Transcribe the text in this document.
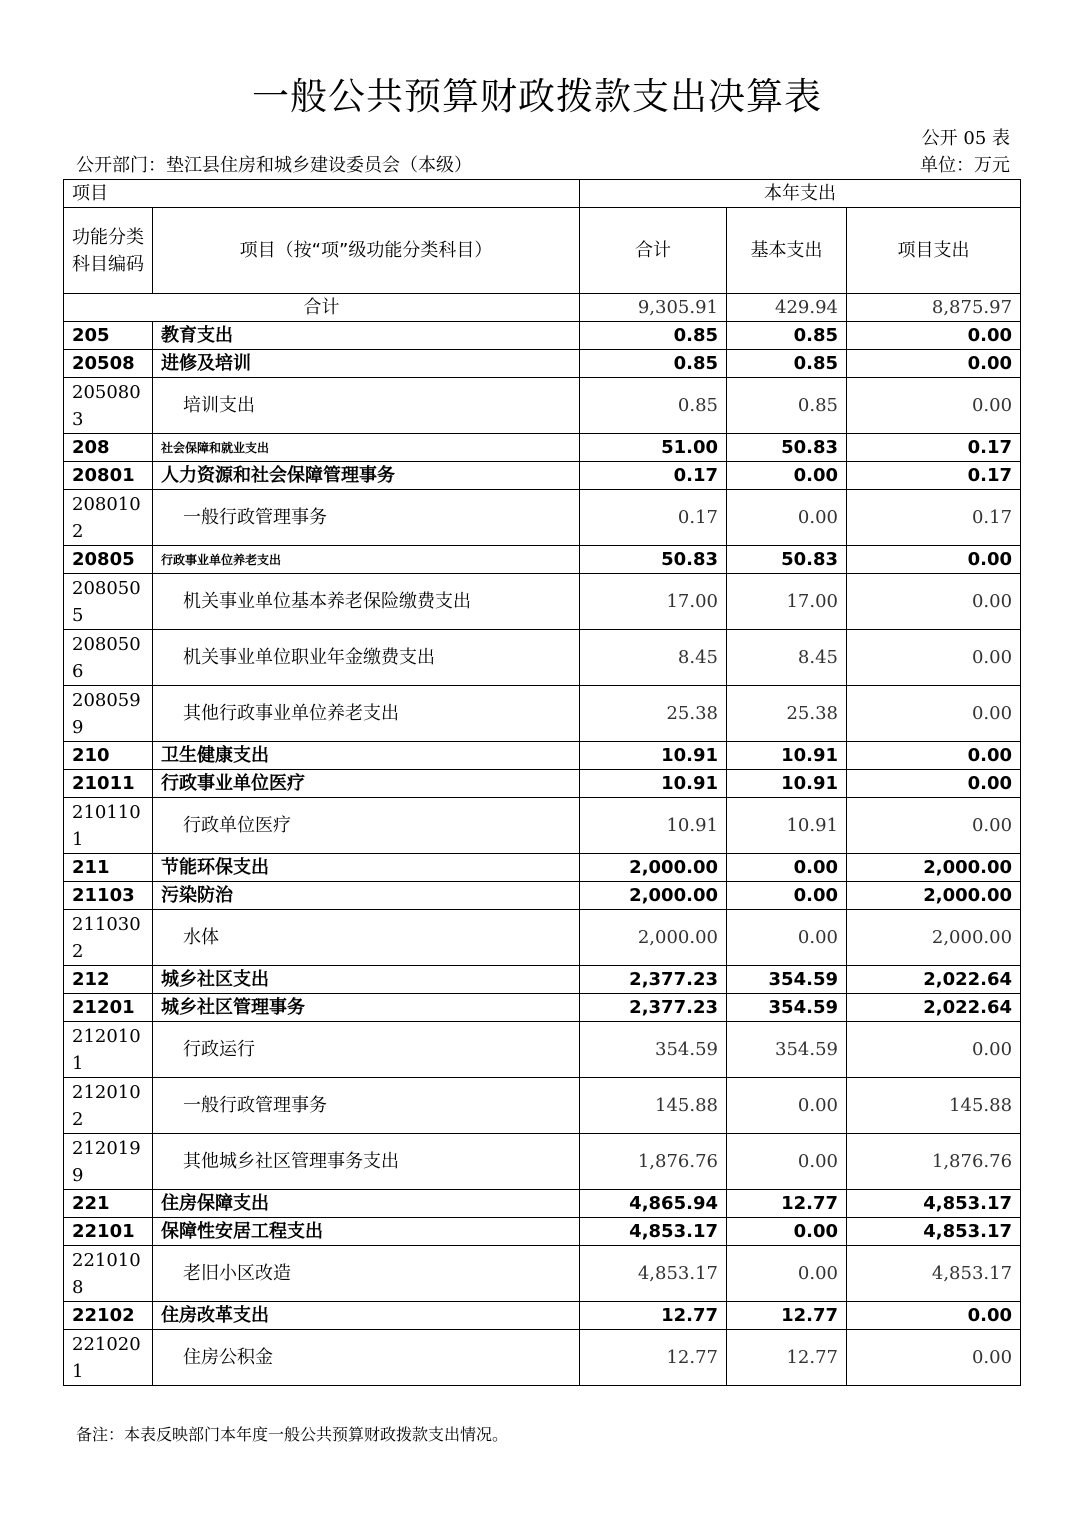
一般公共预算财政拨款支出决算表
公开 05 表
公开部门：垫江县住房和城乡建设委员会（本级）	单位：万元
项目		本年支出		
功能分类科目编码	项目（按“项”级功能分类科目）	合计	基本支出	项目支出
合计		9,305.91	429.94	8,875.97
205	教育支出	0.85	0.85	0.00
20508	进修及培训	0.85	0.85	0.00
2050803	培训支出	0.85	0.85	0.00
208	社会保障和就业支出	51.00	50.83	0.17
20801	人力资源和社会保障管理事务	0.17	0.00	0.17
2080102	一般行政管理事务	0.17	0.00	0.17
20805	行政事业单位养老支出	50.83	50.83	0.00
2080505	机关事业单位基本养老保险缴费支出	17.00	17.00	0.00
2080506	机关事业单位职业年金缴费支出	8.45	8.45	0.00
2080599	其他行政事业单位养老支出	25.38	25.38	0.00
210	卫生健康支出	10.91	10.91	0.00
21011	行政事业单位医疗	10.91	10.91	0.00
2101101	行政单位医疗	10.91	10.91	0.00
211	节能环保支出	2,000.00	0.00	2,000.00
21103	污染防治	2,000.00	0.00	2,000.00
2110302	水体	2,000.00	0.00	2,000.00
212	城乡社区支出	2,377.23	354.59	2,022.64
21201	城乡社区管理事务	2,377.23	354.59	2,022.64
2120101	行政运行	354.59	354.59	0.00
2120102	一般行政管理事务	145.88	0.00	145.88
2120199	其他城乡社区管理事务支出	1,876.76	0.00	1,876.76
221	住房保障支出	4,865.94	12.77	4,853.17
22101	保障性安居工程支出	4,853.17	0.00	4,853.17
2210108	老旧小区改造	4,853.17	0.00	4,853.17
22102	住房改革支出	12.77	12.77	0.00
2210201	住房公积金	12.77	12.77	0.00
备注：本表反映部门本年度一般公共预算财政拨款支出情况。
